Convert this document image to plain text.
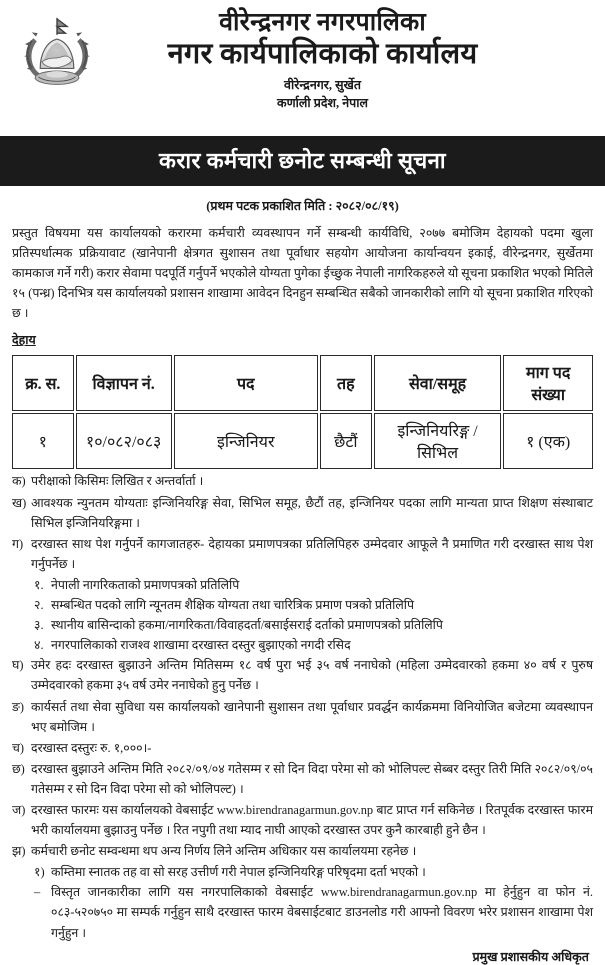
वीरेन्द्रनगर नगरपालिका
नगर कार्यपालिकाको कार्यालय
वीरेन्द्रनगर, सुर्खेत
कर्णाली प्रदेश, नेपाल
करार कर्मचारी छनोट सम्बन्धी सूचना
(प्रथम पटक प्रकाशित मिति : २०८२/०८/१९)
प्रस्तुत विषयमा यस कार्यालयको करारमा कर्मचारी व्यवस्थापन गर्ने सम्बन्धी कार्यविधि, २०७७ बमोजिम देहायको पदमा खुला प्रतिस्पर्धात्मक प्रक्रियावाट (खानेपानी क्षेत्रगत सुशासन तथा पूर्वाधार सहयोग आयोजना कार्यान्वयन इकाई, वीरेन्द्रनगर, सुर्खेतमा कामकाज गर्ने गरी) करार सेवामा पदपूर्ति गर्नुपर्ने भएकोले योग्यता पुगेका ईच्छुक नेपाली नागरिकहरुले यो सूचना प्रकाशित भएको मितिले १५ (पन्ध्र) दिनभित्र यस कार्यालयको प्रशासन शाखामा आवेदन दिनहुन सम्बन्धित सबैको जानकारीको लागि यो सूचना प्रकाशित गरिएको छ ।
देहाय
क्र. स.	विज्ञापन नं.	पद	तह	सेवा/समूह	माग पद संख्या
१	१०/०८२/०८३	इन्जिनियर	छैटौं	इन्जिनियरिङ्ग / सिभिल	१ (एक)
क) परीक्षाको किसिमः लिखित र अन्तर्वार्ता ।
ख) आवश्यक न्युनतम योग्यताः इन्जिनियरिङ्ग सेवा, सिभिल समूह, छैटौं तह, इन्जिनियर पदका लागि मान्यता प्राप्त शिक्षण संस्थाबाट सिभिल इन्जिनियरिङ्गमा ।
ग) दरखास्त साथ पेश गर्नुपर्ने कागजातहरु- देहायका प्रमाणपत्रका प्रतिलिपिहरु उम्मेदवार आफूले नै प्रमाणित गरी दरखास्त साथ पेश गर्नुपर्नेछ ।
१. नेपाली नागरिकताको प्रमाणपत्रको प्रतिलिपि
२. सम्बन्धित पदको लागि न्यूनतम शैक्षिक योग्यता तथा चारित्रिक प्रमाण पत्रको प्रतिलिपि
३. स्थानीय बासिन्दाको हकमा/नागरिकता/विवाहदर्ता/बसाईसराई दर्ताको प्रमाणपत्रको प्रतिलिपि
४. नगरपालिकाको राजश्व शाखामा दरखास्त दस्तुर बुझाएको नगदी रसिद
घ) उमेर हदः दरखास्त बुझाउने अन्तिम मितिसम्म १८ वर्ष पुरा भई ३५ वर्ष ननाघेको (महिला उम्मेदवारको हकमा ४० वर्ष र पुरुष उम्मेदवारको हकमा ३५ वर्ष उमेर ननाघेको हुनु पर्नेछ ।
ङ) कार्यसर्त तथा सेवा सुविधा यस कार्यालयको खानेपानी सुशासन तथा पूर्वाधार प्रवर्द्धन कार्यक्रममा विनियोजित बजेटमा व्यवस्थापन भए बमोजिम ।
च) दरखास्त दस्तुरः रु. १,०००।-
छ) दरखास्त बुझाउने अन्तिम मिति २०८२/०९/०४ गतेसम्म र सो दिन विदा परेमा सो को भोलिपल्ट सेब्बर दस्तुर तिरी मिति २०८२/०९/०५ गतेसम्म र सो दिन विदा परेमा सो को भोलिपल्ट) ।
ज) दरखास्त फारमः यस कार्यालयको वेबसाईट www.birendranagarmun.gov.np बाट प्राप्त गर्न सकिनेछ । रितपूर्वक दरखास्त फारम भरी कार्यालयमा बुझाउनु पर्नेछ । रित नपुगी तथा म्याद नाघी आएको दरखास्त उपर कुनै कारबाही हुने छैन ।
झ) कर्मचारी छनोट सम्वन्धमा थप अन्य निर्णय लिने अन्तिम अधिकार यस कार्यालयमा रहनेछ ।
१) कम्तिमा स्नातक तह वा सो सरह उत्तीर्ण गरी नेपाल इन्जिनियरिङ्ग परिषृदमा दर्ता भएको ।
– विस्तृत जानकारीका लागि यस नगरपालिकाको वेबसाईट www.birendranagarmun.gov.np मा हेर्नुहुन वा फोन नं. ०८३-५२०७५० मा सम्पर्क गर्नुहुन साथै दरखास्त फारम वेबसाईटबाट डाउनलोड गरी आफ्नो विवरण भरेर प्रशासन शाखामा पेश गर्नुहुन ।
प्रमुख प्रशासकीय अधिकृत
